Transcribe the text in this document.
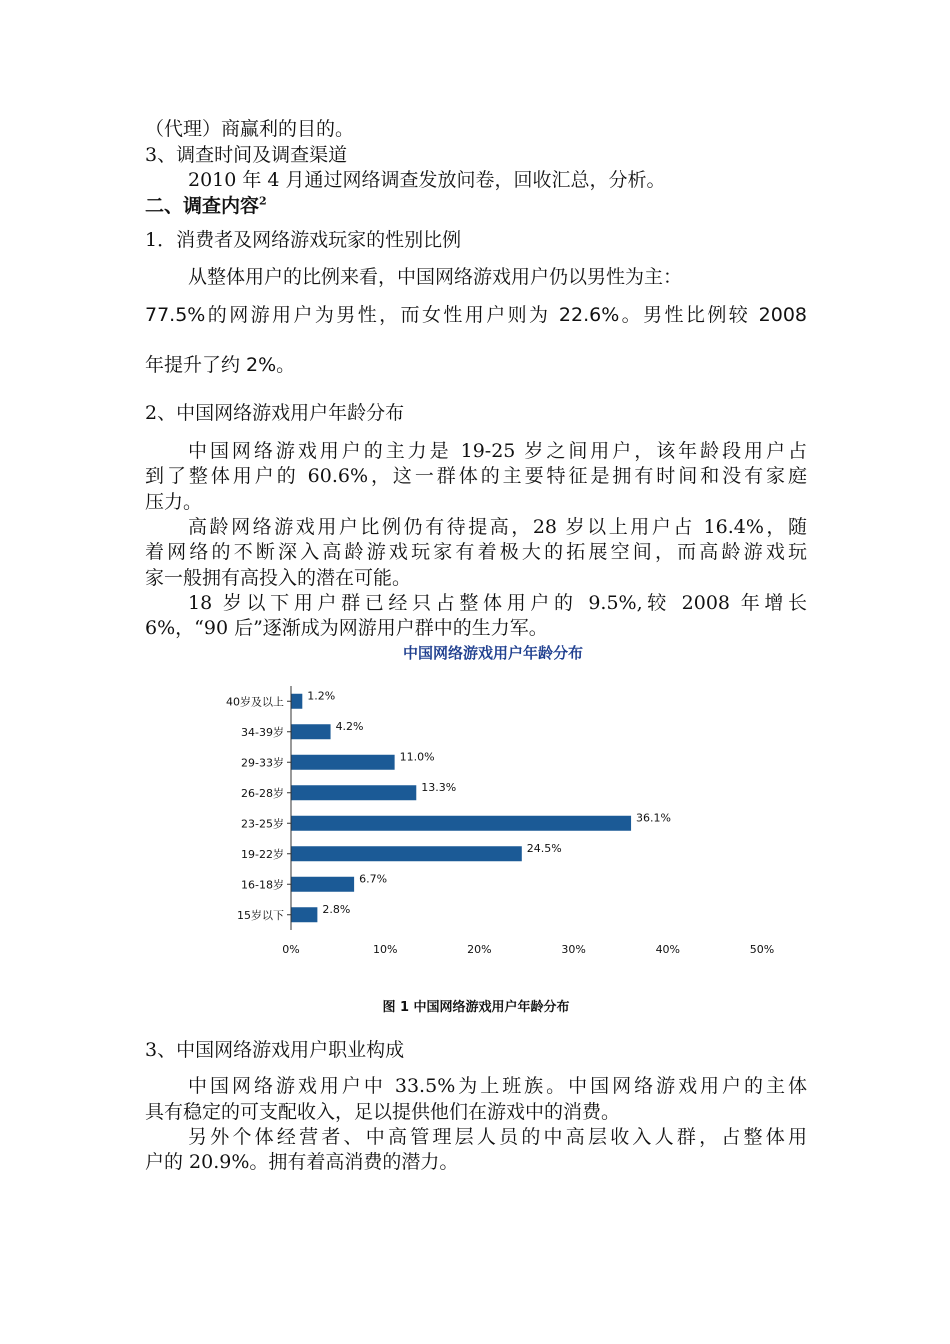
（代理）商赢利的目的。
3、调查时间及调查渠道
2010 年 4 月通过网络调查发放问卷，回收汇总，分析。
二、调查内容$^2$
1．消费者及网络游戏玩家的性别比例
从整体用户的比例来看，中国网络游戏用户仍以男性为主：
77.5%的网游用户为男性，而女性用户则为 22.6%。男性比例较 2008
年提升了约 2%。
2、中国网络游戏用户年龄分布
中国网络游戏用户的主力是 19-25 岁之间用户，该年龄段用户占
到了整体用户的 60.6%，这一群体的主要特征是拥有时间和没有家庭
压力。
高龄网络游戏用户比例仍有待提高，28 岁以上用户占 16.4%，随
着网络的不断深入高龄游戏玩家有着极大的拓展空间，而高龄游戏玩
家一般拥有高投入的潜在可能。
18 岁以下用户群已经只占整体用户的 9.5%,较 2008 年增长
6%，“90 后”逐渐成为网游用户群中的生力军。
中国网络游戏用户年龄分布
40岁及以上 1.2%
34-39岁	4.2%
29-33岁	11.0%
26-28岁	13.3%
23-25岁	36.1%
19-22岁	24.5%
16-18岁	6.7%
15岁以下	2.8%
0%	10%	20%	30%	40%	50%
图 1 中国网络游戏用户年龄分布
3、中国网络游戏用户职业构成
中国网络游戏用户中 33.5%为上班族。中国网络游戏用户的主体
具有稳定的可支配收入，足以提供他们在游戏中的消费。
另外个体经营者、中高管理层人员的中高层收入人群，占整体用
户的 20.9%。拥有着高消费的潜力。
